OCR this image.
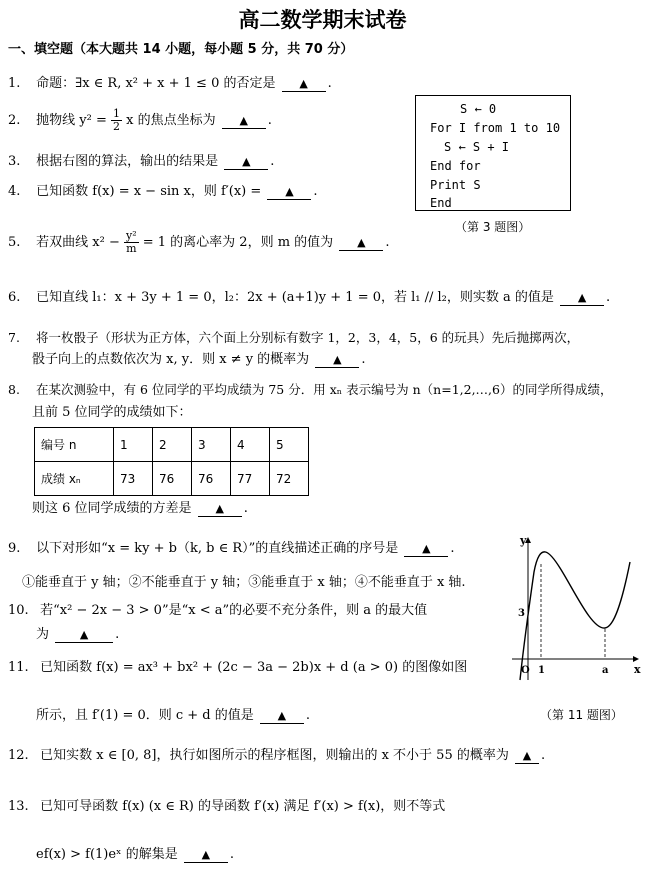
高二数学期末试卷
一、填空题（本大题共 14 小题，每小题 5 分，共 70 分）
1. 命题：∃x ∈ R, x² + x + 1 ≤ 0 的否定是 ▲ .
2. 抛物线 $y^2 = \frac{1}{2}$ x 的焦点坐标为 ▲ .
3. 根据右图的算法，输出的结果是 ▲ .
4. 已知函数 f(x) = x − sin x，则 f′(x) = ▲ .
S ← 0
For I from 1 to 10
S ← S + I
End for
Print S
End
（第 3 题图）
5. 若双曲线 $x^2 - \frac{\text{y²}}{m} = 1$ 的离心率为 2，则 m 的值为 ▲ .
6. 已知直线 l₁：x + 3y + 1 = 0，l₂：2x + (a+1)y + 1 = 0，若 l₁ // l₂，则实数 a 的值是 ▲ .
7. 将一枚骰子（形状为正方体，六个面上分别标有数字 1，2，3，4，5，6 的玩具）先后抛掷两次，
骰子向上的点数依次为 x, y．则 x ≠ y 的概率为 ▲ .
8. 在某次测验中，有 6 位同学的平均成绩为 75 分．用 xₙ 表示编号为 n（n=1,2,…,6）的同学所得成绩，
且前 5 位同学的成绩如下：
编号 n	1	2	3	4	5
成绩 xₙ	73	76	76	77	72
则这 6 位同学成绩的方差是 ▲ .
9. 以下对形如“x = ky + b（k, b ∈ R）”的直线描述正确的序号是 ▲ .
①能垂直于 y 轴；②不能垂直于 y 轴；③能垂直于 x 轴；④不能垂直于 x 轴.
10. 若“x² − 2x − 3 > 0”是“x < a”的必要不充分条件，则 a 的最大值
为	▲ .
11. 已知函数 f(x) = ax³ + bx² + (2c − 3a − 2b)x + d (a > 0) 的图像如图
所示，且 f′(1) = 0．则 c + d 的值是 ▲ .
y
x
O 1	a
3
（第 11 题图）
12. 已知实数 x ∈ [0, 8]，执行如图所示的程序框图，则输出的 x 不小于 55 的概率为 ▲ .
13. 已知可导函数 f(x) (x ∈ R) 的导函数 f′(x) 满足 f′(x) > f(x)，则不等式
ef(x) > f(1)eˣ 的解集是 ▲ .
